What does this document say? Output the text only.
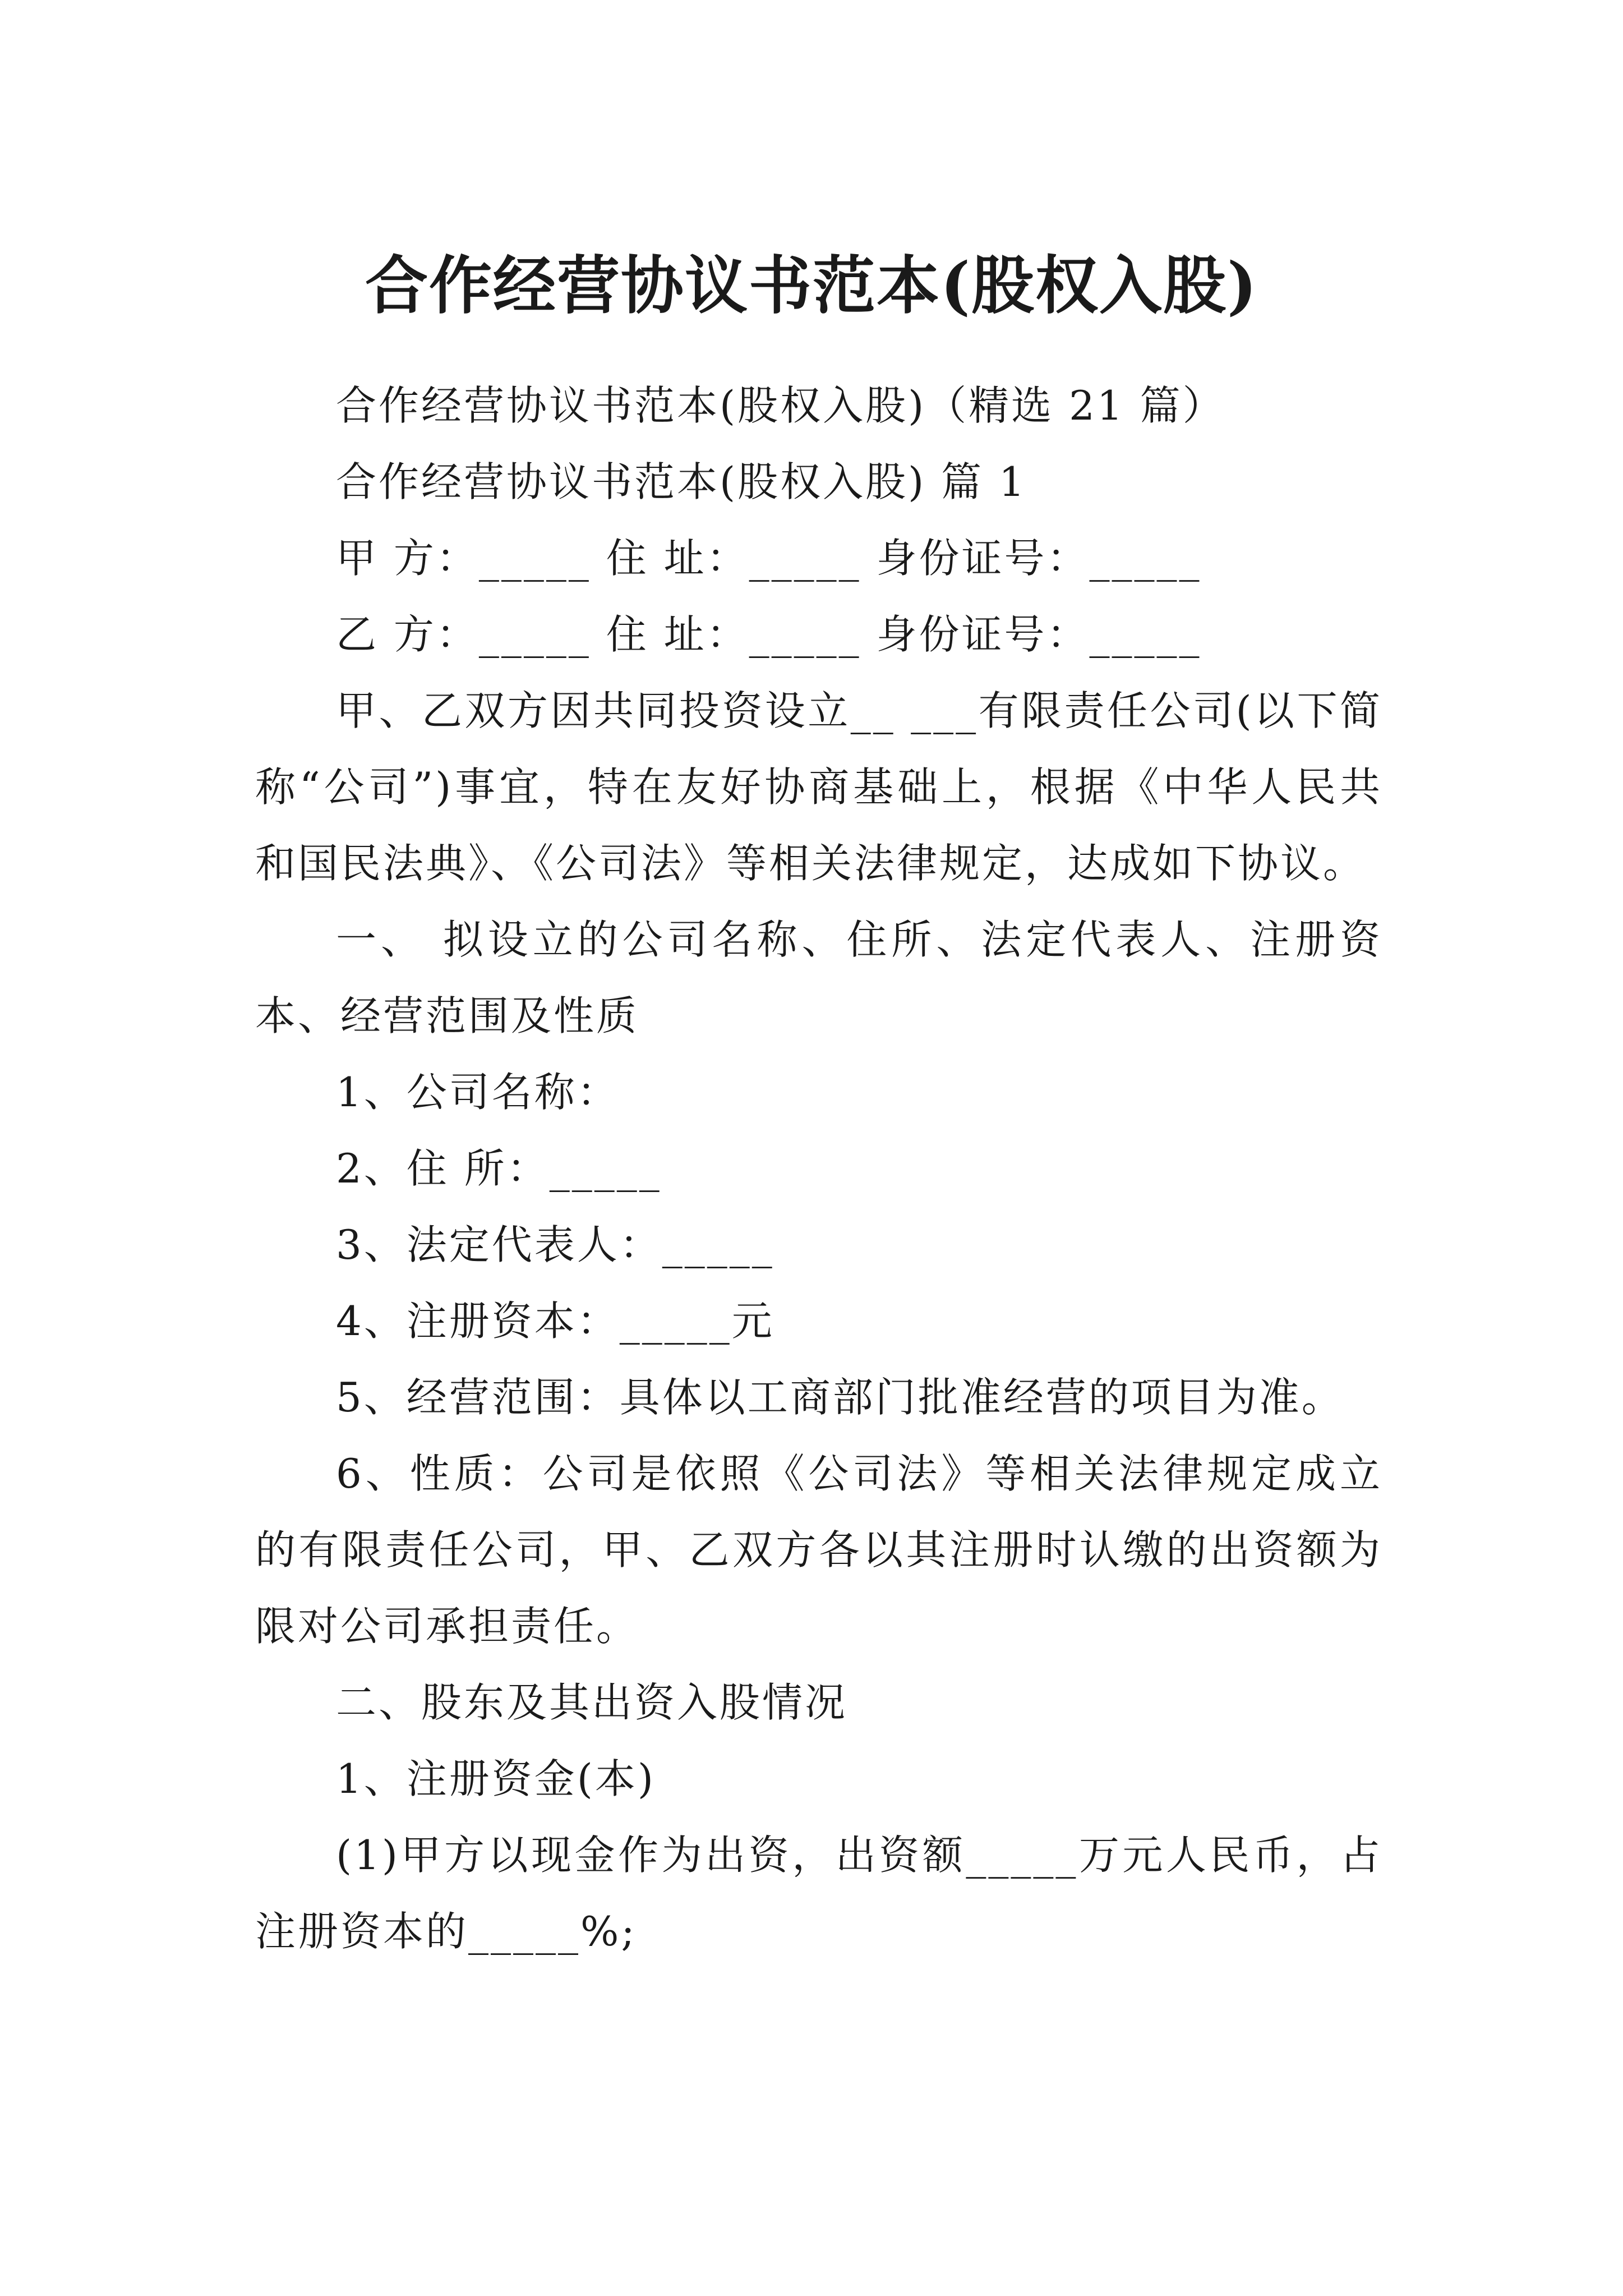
合作经营协议书范本(股权入股)

合作经营协议书范本(股权入股)（精选 21 篇）

合作经营协议书范本(股权入股) 篇 1

甲 方：_____ 住 址：_____ 身份证号：_____

乙 方：_____ 住 址：_____ 身份证号：_____

甲、乙双方因共同投资设立__ ___有限责任公司(以下简称“公司”)事宜，特在友好协商基础上，根据《中华人民共和国民法典》、《公司法》等相关法律规定，达成如下协议。

一、 拟设立的公司名称、住所、法定代表人、注册资本、经营范围及性质

1、公司名称：

2、住 所：_____

3、法定代表人：_____

4、注册资本：_____元

5、经营范围：具体以工商部门批准经营的项目为准。

6、性质：公司是依照《公司法》等相关法律规定成立的有限责任公司，甲、乙双方各以其注册时认缴的出资额为限对公司承担责任。

二、股东及其出资入股情况

1、注册资金(本)

(1)甲方以现金作为出资，出资额_____万元人民币，占注册资本的_____%;
